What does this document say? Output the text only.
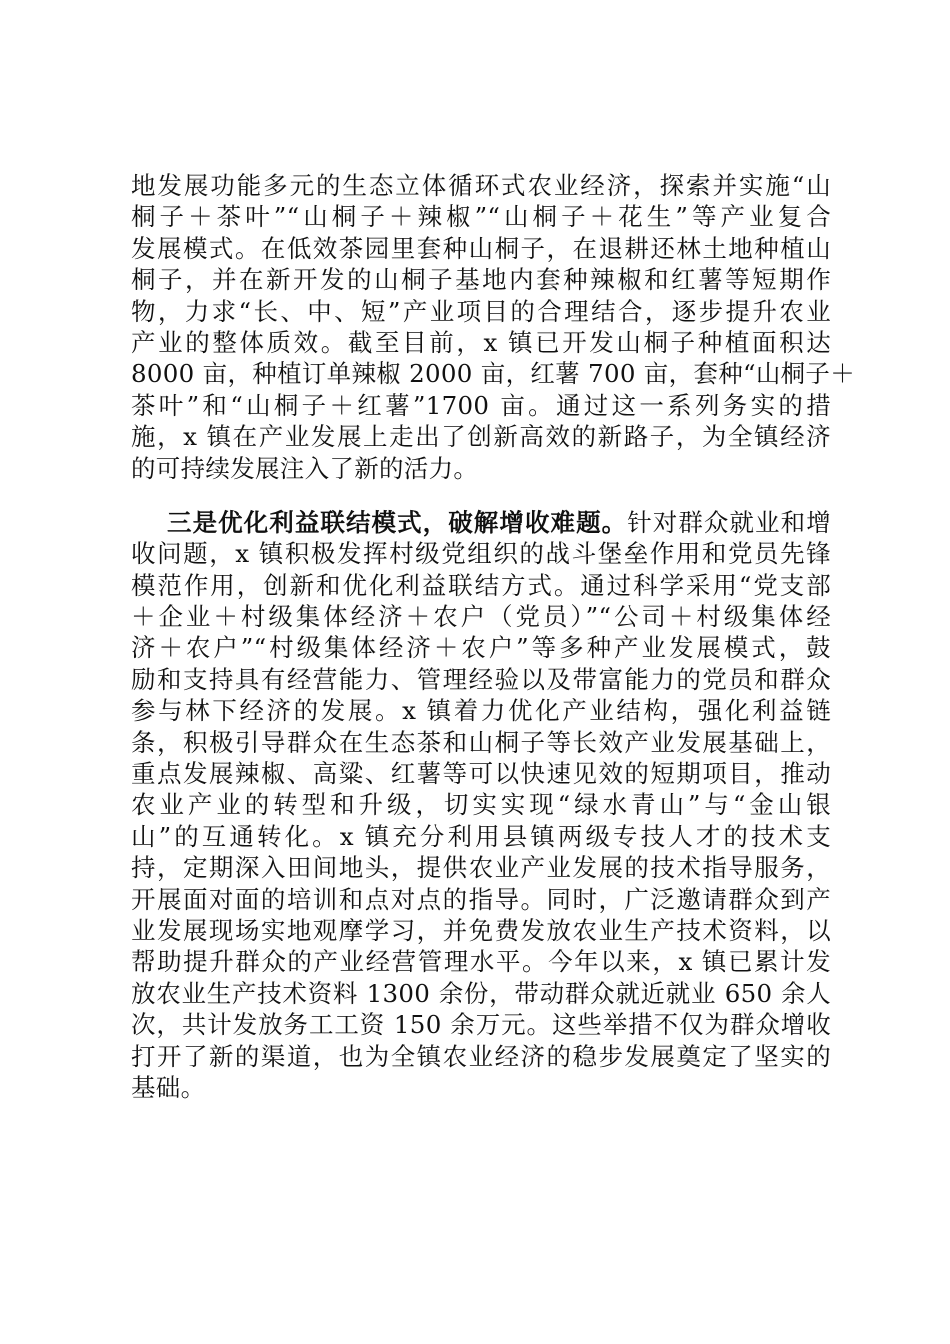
地发展功能多元的生态立体循环式农业经济，探索并实施“山
桐子＋茶叶”“山桐子＋辣椒”“山桐子＋花生”等产业复合
发展模式。在低效茶园里套种山桐子，在退耕还林土地种植山
桐子，并在新开发的山桐子基地内套种辣椒和红薯等短期作
物，力求“长、中、短”产业项目的合理结合，逐步提升农业
产业的整体质效。截至目前，x 镇已开发山桐子种植面积达
8000 亩，种植订单辣椒 2000 亩，红薯 700 亩，套种“山桐子＋
茶叶”和“山桐子＋红薯”1700 亩。通过这一系列务实的措
施，x 镇在产业发展上走出了创新高效的新路子，为全镇经济
的可持续发展注入了新的活力。
三是优化利益联结模式，破解增收难题。针对群众就业和增
收问题，x 镇积极发挥村级党组织的战斗堡垒作用和党员先锋
模范作用，创新和优化利益联结方式。通过科学采用“党支部
＋企业＋村级集体经济＋农户（党员）”“公司＋村级集体经
济＋农户”“村级集体经济＋农户”等多种产业发展模式，鼓
励和支持具有经营能力、管理经验以及带富能力的党员和群众
参与林下经济的发展。x 镇着力优化产业结构，强化利益链
条，积极引导群众在生态茶和山桐子等长效产业发展基础上，
重点发展辣椒、高粱、红薯等可以快速见效的短期项目，推动
农业产业的转型和升级，切实实现“绿水青山”与“金山银
山”的互通转化。x 镇充分利用县镇两级专技人才的技术支
持，定期深入田间地头，提供农业产业发展的技术指导服务，
开展面对面的培训和点对点的指导。同时，广泛邀请群众到产
业发展现场实地观摩学习，并免费发放农业生产技术资料，以
帮助提升群众的产业经营管理水平。今年以来，x 镇已累计发
放农业生产技术资料 1300 余份，带动群众就近就业 650 余人
次，共计发放务工工资 150 余万元。这些举措不仅为群众增收
打开了新的渠道，也为全镇农业经济的稳步发展奠定了坚实的
基础。
